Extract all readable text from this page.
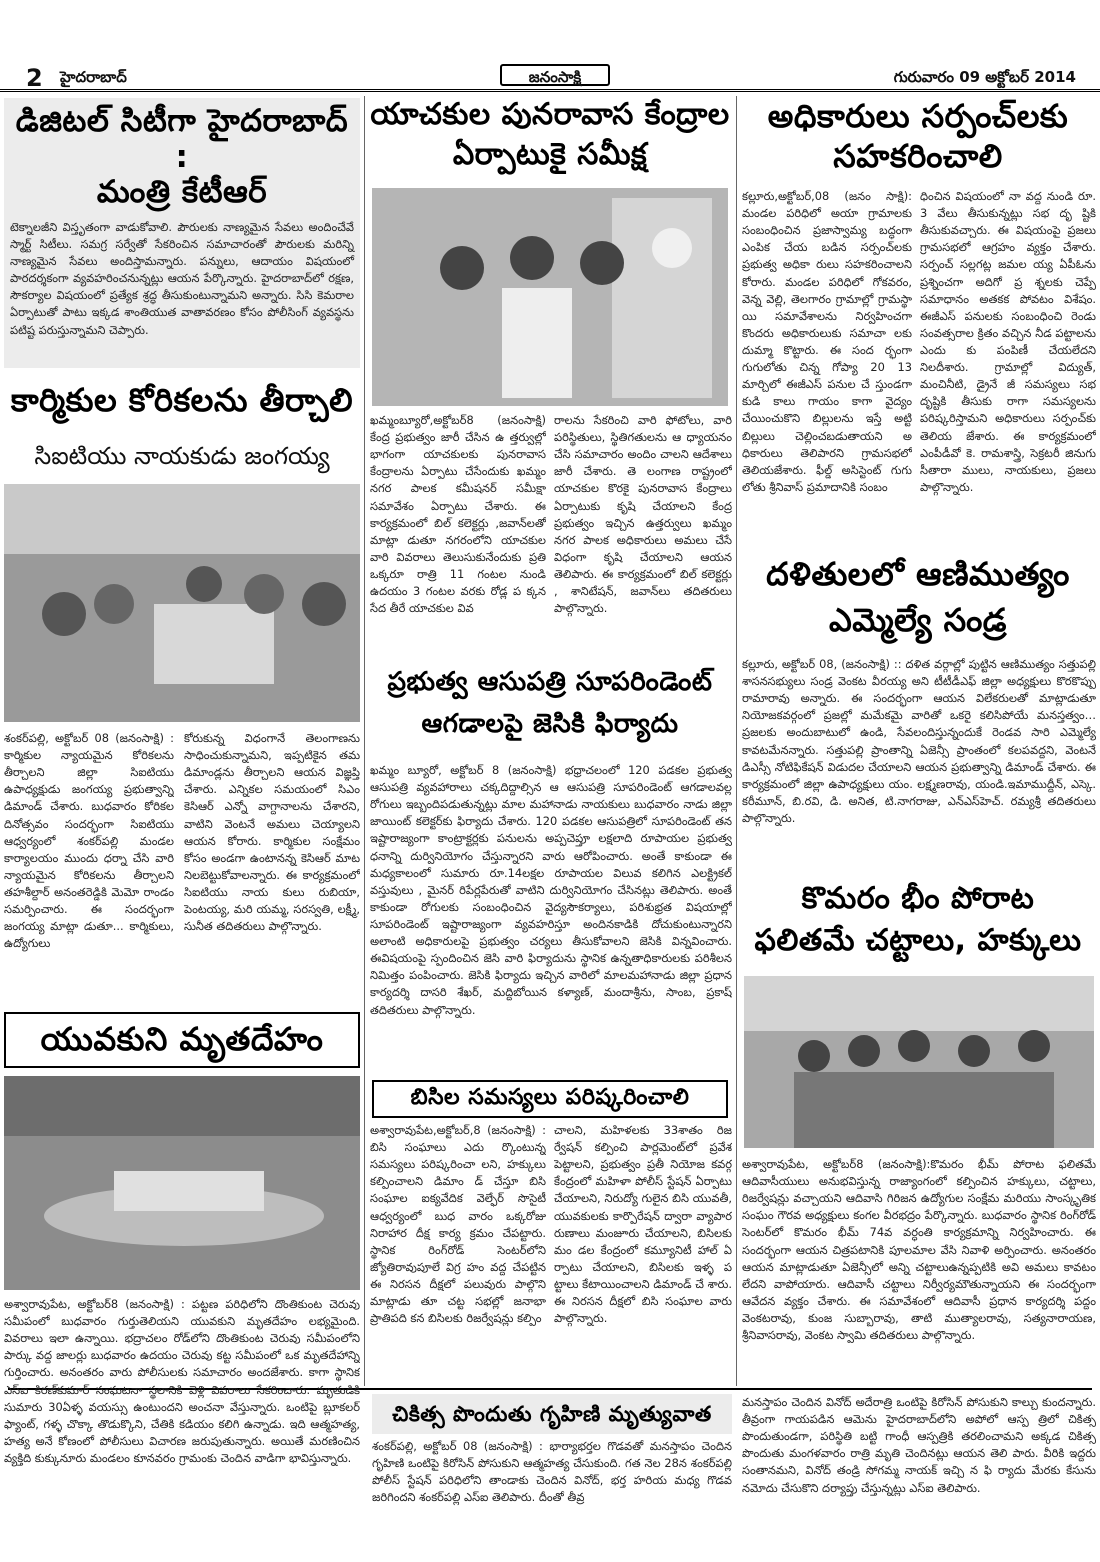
2 హైదరాబాద్	జనంసాక్షి	గురువారం 09 అక్టోబర్ 2014
డిజిటల్ సిటీగా హైదరాబాద్ :
మంత్రి కేటీఆర్
టెక్నాలజీని విస్తృతంగా వాడుకోవాలి. పౌరులకు నాణ్యమైన సేవలు అందించేవే స్మార్ట్ సిటీలు. సమగ్ర సర్వేతో సేకరించిన సమాచారంతో పౌరులకు మరిన్ని నాణ్యమైన సేవలు అందిస్తామన్నారు. పన్నులు, ఆదాయం విషయంలో పారదర్శకంగా వ్యవహరించనున్నట్లు ఆయన పేర్కొన్నారు. హైదరాబాద్‌లో రక్షణ, సౌకర్యాల విషయంలో ప్రత్యేక శ్రద్ధ తీసుకుంటున్నామని అన్నారు. సిసి కెమరాల ఏర్పాటుతో పాటు ఇక్కడ శాంతియుత వాతావరణం కోసం పోలీసింగ్ వ్యవస్థను పటిష్ట పరుస్తున్నామని చెప్పారు.
కార్మికుల కోరికలను తీర్చాలి
సిఐటియు నాయకుడు జంగయ్య
శంకర్‌పల్లి, అక్టోబర్ 08 (జనంసాక్షి) : కార్మికుల న్యాయమైన కోరికలను తీర్చాలని జిల్లా సిఐటియు ఉపాధ్యక్షుడు జంగయ్య ప్రభుత్వాన్ని డిమాండ్ చేశారు. బుధవారం కోరికల దినోత్సవం సందర్భంగా సిఐటియు ఆధ్వర్యంలో శంకర్‌పల్లి మండల కార్యాలయం ముందు ధర్నా చేసి వారి న్యాయమైన కోరికలను తీర్చాలని తహశీల్దార్ అనంతరెడ్డికి మెమో రాండం సమర్పించారు. ఈ సందర్భంగా జంగయ్య మాట్లా డుతూ... కార్మికులు, ఉద్యోగులు
కోరుకున్న విధంగానే తెలంగాణను సాధించుకున్నామని, ఇప్పటికైన తమ డిమాండ్లను తీర్చాలని ఆయన విజ్ఞప్తి చేశారు. ఎన్నికల సమయంలో సిఎం కెసిఆర్ ఎన్నో వాగ్దానాలను చేశారని, వాటిని వెంటనే అమలు చెయ్యాలని ఆయన కోరారు. కార్మికుల సంక్షేమం కోసం అండగా ఉంటానన్న కెసిఆర్ మాట నిలబెట్టుకోవాలన్నారు. ఈ కార్యక్రమంలో సిఐటియు నాయ కులు రుబియా, పెంటయ్య, మరి యమ్మ, సరస్వతి, లక్ష్మీ, సునీత తదితరులు పాల్గొన్నారు.
యువకుని మృతదేహం
అశ్వారావుపేట, అక్టోబర్8 (జనంసాక్షి) : పట్టణ పరిధిలోని దొంతికుంట చెరువు సమీపంలో బుధవారం గుర్తుతెలియని యువకుని మృతదేహం లభ్యమైంది. వివరాలు ఇలా ఉన్నాయి. భద్రాచలం రోడ్‌లోని దొంతికుంట చెరువు సమీపంలోని పార్కు వద్ద జాలర్లు బుధవారం ఉదయం చెరువు కట్ట సమీపంలో ఒక మృతదేహాన్ని గుర్తించారు. అనంతరం వారు పోలీసులకు సమాచారం అందజేశారు. కాగా స్థానిక ఎస్ఐ కిరణ్‌కుమార్ సంఘటనా స్థలానికి వెళ్లి వివరాలు సేకరించారు. మృతుడికి సుమారు 30ఏళ్ళ వయస్సు ఉంటుందని అంచనా వేస్తున్నారు. ఒంటిపై బ్లూకలర్ ఫ్యాంట్, గళ్ళ చొక్కా తొడుక్కొని, చేతికి కడియం కలిగి ఉన్నాడు. ఇది ఆత్మహత్య, హత్య అనే కోణంలో పోలీసులు విచారణ జరుపుతున్నారు. అయితే మరణించిన వ్యక్తిది కుక్కునూరు మండలం కూనవరం గ్రామంకు చెందిన వాడిగా భావిస్తున్నారు.
యాచకుల పునరావాస కేంద్రాల
ఏర్పాటుకై సమీక్ష
ఖమ్మంబ్యూరో,అక్టోబర్8 (జనంసాక్షి) కేంద్ర ప్రభుత్వం జారీ చేసిన ఉ త్తర్వుల్లో భాగంగా యాచకులకు పునరావాస కేంద్రాలను ఏర్పాటు చేసేందుకు ఖమ్మం నగర పాలక కమీషనర్ సమీక్షా సమావేశం ఏర్పాటు చేశారు. ఈ కార్యక్రమంలో బిల్ కలెక్టర్లు ,జవాన్‌లతో మాట్లా డుతూ నగరంలోని యాచకుల వారి వివరాలు తెలుసుకునేందుకు ప్రతి ఒక్కరూ రాత్రి 11 గంటల నుండి ఉదయం 3 గంటల వరకు రోడ్ల ప క్కన సేద తీరే యాచకుల వివ
రాలను సేకరించి వారి ఫోటోలు, వారి పరిస్థితులు, స్థితిగతులను ఆ ధ్యాయనం చేసి సమాచారం అందిం చాలని ఆదేశాలు జారీ చేశారు. తె లంగాణ రాష్ట్రంలో యాచకుల కొరకై పునరావాస కేంద్రాలు ఏర్పాటుకు కృషి చేయాలని కేంద్ర ప్రభుత్వం ఇచ్చిన ఉత్తర్వులు ఖమ్మం నగర పాలక అధికారులు అమలు చేసే విధంగా కృషి చేయాలని ఆయన తెలిపారు. ఈ కార్యక్రమంలో బిల్ కలెక్టర్లు , శానిటేషన్, జవాన్‌లు తదితరులు పాల్గొన్నారు.
ప్రభుత్వ ఆసుపత్రి సూపరిండెంట్
ఆగడాలపై జెసికి ఫిర్యాదు
ఖమ్మం బ్యూరో, అక్టోబర్ 8 (జనంసాక్షి) భధ్రాచలంలో 120 పడకల ప్రభుత్వ ఆసుపత్రి వ్యవహారాలు చక్కదిద్దాల్సిన ఆ ఆసుపత్రి సూపరిండెంట్ ఆగడాలవల్ల రోగులు ఇబ్బందిపడుతున్నట్లు మాల మహానాడు నాయకులు బుధవారం నాడు జిల్లా జాయింట్ కలెక్టర్‌కు ఫిర్యాదు చేశారు. 120 పడకల ఆసుపత్రిలో సూపరిండెంట్ తన ఇష్టారాజ్యంగా కాంట్రాక్టర్లకు పనులను అప్పచెప్తూ లక్షలాది రూపాయల ప్రభుత్వ ధనాన్ని దుర్వినియోగం చేస్తున్నారని వారు ఆరోపించారు. అంతే కాకుండా ఈ మధ్యకాలంలో సుమారు రూ.14లక్షల రూపాయల విలువ కలిగిన ఎలక్ట్రికల్ వస్తువులు , మైనర్ రిపేర్లపేరుతో వాటిని దుర్వినియోగం చేసినట్లు తెలిపారు. అంతే కాకుండా రోగులకు సంబంధించిన వైద్యసౌకర్యాలు, పరిశుభ్రత విషయాల్లో సూపరిండెంట్ ఇష్టారాజ్యంగా వ్యవహరిస్తూ అందినకాడికి దోచుకుంటున్నారని అలాంటి అధికారులపై ప్రభుత్వం చర్యలు తీసుకోవాలని జెసికి విన్నవించారు. ఈవిషయంపై స్పందించిన జెసి వారి ఫిర్యాదును స్థానిక ఉన్నతాధికారులకు పరిశీలన నిమిత్తం పంపించారు. జెసికి ఫిర్యాదు ఇచ్చిన వారిలో మాలమహానాడు జిల్లా ప్రధాన కార్యదర్శి దాసరి శేఖర్, మద్దిబోయిన కళ్యాణ్, మందాశ్రీను, సాంబ, ప్రకాష్ తదితరులు పాల్గొన్నారు.
బిసిల సమస్యలు పరిష్కరించాలి
అశ్వారావుపేట,అక్టోబర్,8 (జనంసాక్షి) : బిసి సంఘాలు ఎదు ర్కొంటున్న సమస్యలు పరిష్కరించా లని, హక్కులు కల్పించాలని డిమాం డ్ చేస్తూ బిసి సంఘాల ఐక్యవేదిక వెల్ఫేర్ సొసైటీ ఆధ్వర్యంలో బుధ వారం ఒక్కరోజు నిరాహార దీక్ష కార్య క్రమం చేపట్టారు. స్థానిక రింగ్‌రోడ్ సెంటర్‌లోని జ్యోతిరావుపూలే విగ్ర హం వద్ద చేపట్టిన ఈ నిరసన దీక్షలో పలువురు పాల్గొని మాట్లాడు తూ చట్ట సభల్లో జనాభా ప్రాతిపది కన బిసిలకు రిజర్వేషన్లు కల్పిం
చాలని, మహిళలకు 33శాతం రిజ ర్వేషన్ కల్పించి పార్లమెంట్‌లో ప్రవేశ పెట్టాలని, ప్రభుత్వం ప్రతీ నియోజ కవర్గ కేంద్రంలో మహిళా పోలీస్ స్టేషన్ ఏర్పాటు చేయాలని, నిరుద్యో గులైన బిసి యువతీ, యువకులకు కార్పొరేషన్ ద్వారా వ్యాపార రుణాలు మంజూరు చేయాలని, బిసిలకు మం డల కేంద్రంలో కమ్యూనిటీ హాల్ ఏ ర్పాటు చేయాలని, బిసిలకు ఇళ్ళ ప ట్టాలు కేటాయించాలని డిమాండ్ చే శారు. ఈ నిరసన దీక్షలో బిసి సంఘాల వారు పాల్గొన్నారు.
అధికారులు సర్పంచ్‌లకు
సహకరించాలి
కల్లూరు,అక్టోబర్,08 (జనం సాక్షి): మండల పరిధిలో అయా గ్రామాలకు సంబంధించిన ప్రజాస్వామ్య బద్ధంగా ఎంపిక చేయ బడిన సర్పంచ్‌లకు ప్రభుత్వ అధికా రులు సహకరించాలని కోరారు. మండల పరిధిలో గోకవరం, వెన్న వెల్లి, తెలగారం గ్రామాల్లో గ్రామస్థా యి సమావేశాలను నిర్వహించగా కొందరు అధికారులుకు సమాచా లకు దుమ్మా కొట్టారు. ఈ సంద ర్భంగా గుగులోతు చిన్న గోప్యా 20 13 మార్చిలో ఈజీఎస్ పనుల చే స్తుండగా కుడి కాలు గాయం కాగా వైద్యం చేయించుకొని బిల్లులను ఇస్తే అట్టి బిల్లులు చెల్లించబడుతాయని అ ధికారులు తెలిపారని గ్రామసభలో తెలియజేశారు. ఫీల్డ్ అసిస్టెంట్ గుగు లోతు శ్రీనివాస్ ప్రమాదానికి సంబం
ధించిన విషయంలో నా వద్ద నుండి రూ. 3 వేలు తీసుకున్నట్లు సభ దృ ష్టికి తీసుకువచ్చారు. ఈ విషయంపై ప్రజలు గ్రామసభలో ఆగ్రహం వ్యక్తం చేశారు. సర్పంచ్ సల్లగట్ల జమల య్య ఏపీఓను ప్రశ్నించగా అదిగో ప్ర శ్నలకు చెప్పే సమాధానం అతకక పోవటం విశేషం. ఈజీఎస్ పనులకు సంబంధించి రెండు సంవత్సరాల క్రితం వచ్చిన నీడ పట్టాలను ఎందు కు పంపిణీ చేయలేదని నిలదీశారు. గ్రామాల్లో విద్యుత్, మంచినీటి, డ్రైనే జీ సమస్యలు సభ దృష్టికి తీసుకు రాగా సమస్యలను పరిష్కరిస్తామని అధికారులు సర్పంచ్‌కు తెలియ జేశారు. ఈ కార్యక్రమంలో ఎంపీడీవో కె. రామశాస్త్రి, సెక్రటరీ జినుగు సీతారా ములు, నాయకులు, ప్రజలు పాల్గొన్నారు.
దళితులలో ఆణిముత్యం
ఎమ్మెల్యే సండ్ర
కల్లూరు, అక్టోబర్ 08, (జనంసాక్షి) :: దళిత వర్గాల్లో పుట్టిన ఆణిముత్యం సత్తుపల్లి శాసనసభ్యులు సండ్ర వెంకట వీరయ్య అని టీటీడీఎఫ్ జిల్లా అధ్యక్షులు కొరకొప్పు రామారావు అన్నారు. ఈ సందర్భంగా ఆయన విలేకరులతో మాట్లాడుతూ నియోజకవర్గంలో ప్రజల్లో మమేకమై వారితో ఒకరై కలిసిపోయే మనస్తత్వం… ప్రజలకు అందుబాటులో ఉండి, సేవలందిస్తున్నందుకే రెండవ సారి ఎమ్మెల్యే కావటమేనన్నారు. సత్తుపల్లి ప్రాంతాన్ని ఏజెన్సీ ప్రాంతంలో కలపవద్దని, వెంటనే డిఎస్సీ నోటిఫికేషన్ విడుదల చేయాలని ఆయన ప్రభుత్వాన్ని డిమాండ్ చేశారు. ఈ కార్యక్రమంలో జిల్లా ఉపాధ్యక్షులు యం. లక్ష్మణరావు, యండి.ఇమాముద్దీన్, ఎస్కె. కరీమూన్, బి.రవి, డి. అనిత, టి.నాగరాజు, ఎన్ఎస్‌హెచ్. రమ్యశ్రీ తదితరులు పాల్గొన్నారు.
కొమరం భీం పోరాట
ఫలితమే చట్టాలు, హక్కులు
అశ్వారావుపేట, అక్టోబర్8 (జనంసాక్షి):కొమరం భీమ్ పోరాట ఫలితమే ఆదివాసీయులు అనుభవిస్తున్న రాజ్యాంగంలో కల్పించిన హక్కులు, చట్టాలు, రిజర్వేషన్లు వచ్చాయని ఆదివాసి గిరిజన ఉద్యోగుల సంక్షేమ మరియు సాంస్కృతిక సంఘం గౌరవ అధ్యక్షులు కంగల వీరభద్రం పేర్కొన్నారు. బుధవారం స్థానిక రింగ్‌రోడ్ సెంటర్‌లో కొమరం భీమ్ 74వ వర్ధంతి కార్యక్రమాన్ని నిర్వహించారు. ఈ సందర్భంగా ఆయన చిత్రపటానికి పూలమాల వేసి నివాళి అర్పించారు. అనంతరం ఆయన మాట్లాడుతూ ఏజెన్సీలో అన్ని చట్టాలుఉన్నప్పటికి అవి అమలు కావటం లేదని వాపోయారు. ఆదివాసీ చట్టాలు నిర్వీర్యమౌతున్నాయని ఈ సందర్భంగా ఆవేదన వ్యక్తం చేశారు. ఈ సమావేశంలో ఆదివాసీ ప్రధాన కార్యదర్శి పద్దం వెంకటరావు, కుంజ సుబ్బారావు, తాటి ముత్యాలరావు, సత్యనారాయణ, శ్రీనివాసరావు, వెంకట స్వామి తదితరులు పాల్గొన్నారు.
చికిత్స పొందుతు గృహిణి మృత్యువాత
శంకర్‌పల్లి, అక్టోబర్ 08 (జనంసాక్షి) : భార్యాభర్తల గొడవతో మనస్తాపం చెందిన గృహిణి ఒంటిపై కిరోసిన్ పోసుకుని ఆత్మహత్య చేసుకుంది. గత నెల 28న శంకర్‌పల్లి పోలీస్ స్టేషన్ పరిధిలోని తాండాకు చెందిన వినోద్, భర్త హరియ మధ్య గొడవ జరిగిందని శంకర్‌పల్లి ఎస్ఐ తెలిపారు. దీంతో తీవ్ర
మనస్తాపం చెందిన వినోద్ అదేరాత్రి ఒంటిపై కిరోసిన్ పోసుకుని కాల్చు కుందన్నారు. తీవ్రంగా గాయపడిన ఆమెను హైదరాబాద్‌లోని అపోలో ఆస్ప త్రిలో చికిత్స పొందుతుండగా, పరిస్థితి బట్టి గాంధీ ఆస్పత్రికి తరలించామని అక్కడ చికిత్స పొందుతు మంగళవారం రాత్రి మృతి చెందినట్లు ఆయన తెలి పారు. వీరికి ఇద్దరు సంతానమని, వినోద్ తండ్రి సోగమ్మ నాయక్ ఇచ్చి న ఫి ర్యాదు మేరకు కేసును నమోదు చేసుకొని దర్యాప్తు చేస్తున్నట్లు ఎస్ఐ తెలిపారు.
